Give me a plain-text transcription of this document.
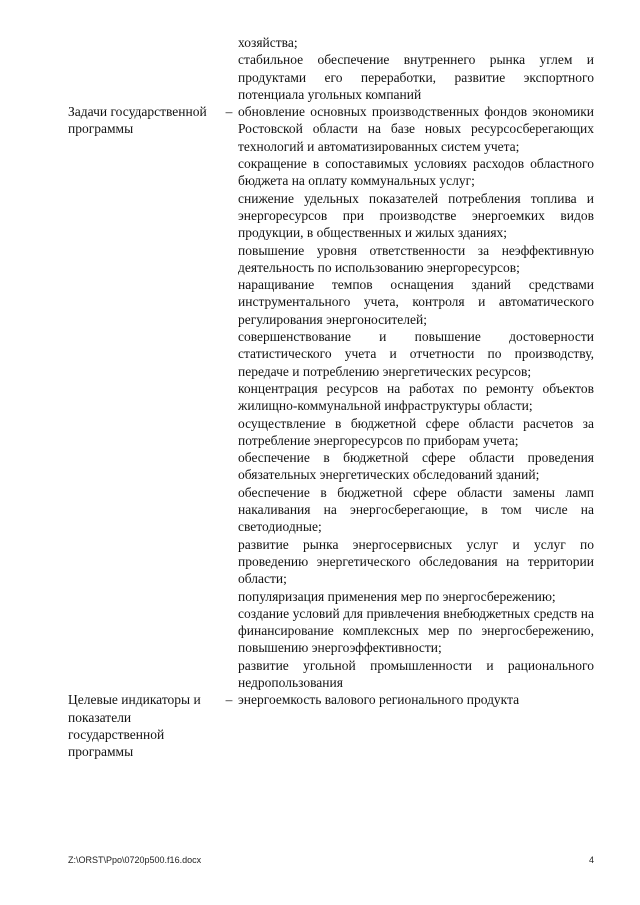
хозяйства;

стабильное обеспечение внутреннего рынка углем и продуктами его переработки, развитие экспортного потенциала угольных компаний

Задачи государственной программы
– обновление основных производственных фондов экономики Ростовской области на базе новых ресурсосберегающих технологий и автоматизированных систем учета;

сокращение в сопоставимых условиях расходов областного бюджета на оплату коммунальных услуг;

снижение удельных показателей потребления топлива и энергоресурсов при производстве энергоемких видов продукции, в общественных и жилых зданиях;

повышение уровня ответственности за неэффективную деятельность по использованию энергоресурсов;

наращивание темпов оснащения зданий средствами инструментального учета, контроля и автоматического регулирования энергоносителей;

совершенствование и повышение достоверности статистического учета и отчетности по производству, передаче и потреблению энергетических ресурсов;

концентрация ресурсов на работах по ремонту объектов жилищно-коммунальной инфраструктуры области;

осуществление в бюджетной сфере области расчетов за потребление энергоресурсов по приборам учета;

обеспечение в бюджетной сфере области проведения обязательных энергетических обследований зданий;

обеспечение в бюджетной сфере области замены ламп накаливания на энергосберегающие, в том числе на светодиодные;

развитие рынка энергосервисных услуг и услуг по проведению энергетического обследования на территории области;

популяризация применения мер по энергосбережению;

создание условий для привлечения внебюджетных средств на финансирование комплексных мер по энергосбережению, повышению энергоэффективности;

развитие угольной промышленности и рационального недропользования

Целевые индикаторы и показатели государственной программы
– энергоемкость валового регионального продукта

Z:\ORST\Ppo\0720p500.f16.docx	4
